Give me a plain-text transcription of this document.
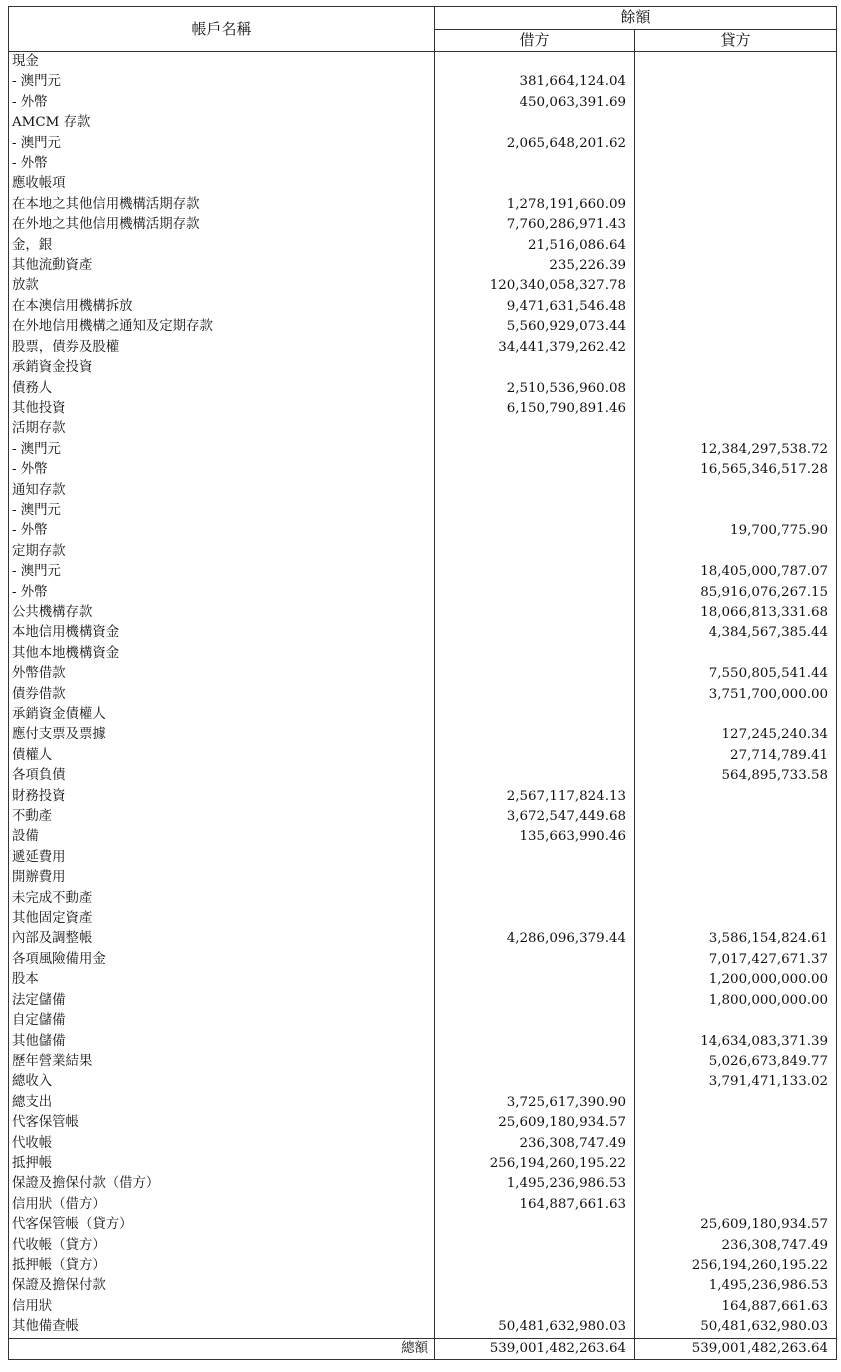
帳戶名稱	餘額	
	借方	貸方
現金		
- 澳門元	381,664,124.04	
- 外幣	450,063,391.69	
AMCM 存款		
- 澳門元	2,065,648,201.62	
- 外幣		
應收帳項		
在本地之其他信用機構活期存款	1,278,191,660.09	
在外地之其他信用機構活期存款	7,760,286,971.43	
金，銀	21,516,086.64	
其他流動資產	235,226.39	
放款	120,340,058,327.78	
在本澳信用機構拆放	9,471,631,546.48	
在外地信用機構之通知及定期存款	5,560,929,073.44	
股票，債券及股權	34,441,379,262.42	
承銷資金投資		
債務人	2,510,536,960.08	
其他投資	6,150,790,891.46	
活期存款		
- 澳門元		12,384,297,538.72
- 外幣		16,565,346,517.28
通知存款		
- 澳門元		
- 外幣		19,700,775.90
定期存款		
- 澳門元		18,405,000,787.07
- 外幣		85,916,076,267.15
公共機構存款		18,066,813,331.68
本地信用機構資金		4,384,567,385.44
其他本地機構資金		
外幣借款		7,550,805,541.44
債券借款		3,751,700,000.00
承銷資金債權人		
應付支票及票據		127,245,240.34
債權人		27,714,789.41
各項負債		564,895,733.58
財務投資	2,567,117,824.13	
不動產	3,672,547,449.68	
設備	135,663,990.46	
遞延費用		
開辦費用		
未完成不動產		
其他固定資產		
內部及調整帳	4,286,096,379.44	3,586,154,824.61
各項風險備用金		7,017,427,671.37
股本		1,200,000,000.00
法定儲備		1,800,000,000.00
自定儲備		
其他儲備		14,634,083,371.39
歷年營業結果		5,026,673,849.77
總收入		3,791,471,133.02
總支出	3,725,617,390.90	
代客保管帳	25,609,180,934.57	
代收帳	236,308,747.49	
抵押帳	256,194,260,195.22	
保證及擔保付款（借方）	1,495,236,986.53	
信用狀（借方）	164,887,661.63	
代客保管帳（貸方）		25,609,180,934.57
代收帳（貸方）		236,308,747.49
抵押帳（貸方）		256,194,260,195.22
保證及擔保付款		1,495,236,986.53
信用狀		164,887,661.63
其他備查帳	50,481,632,980.03	50,481,632,980.03
總額	539,001,482,263.64	539,001,482,263.64
